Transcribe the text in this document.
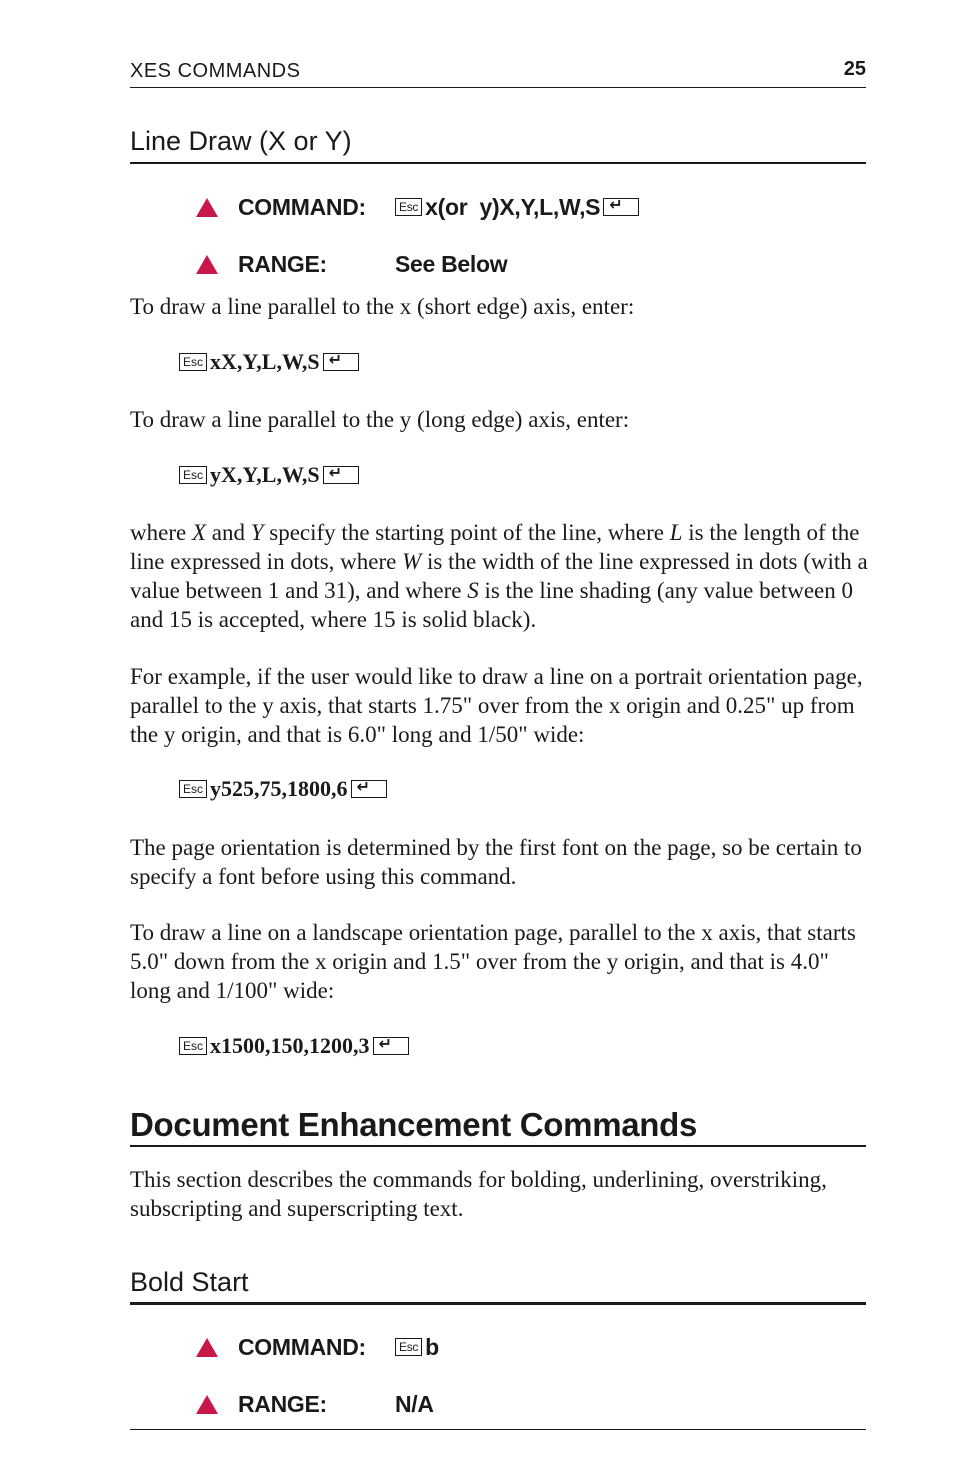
XES COMMANDS	25
Line Draw (X or Y)
COMMAND:	Esc x(or  y)X,Y,L,W,S ↵
RANGE:	See Below
To draw a line parallel to the x (short edge) axis, enter:
Esc xX,Y,L,W,S ↵
To draw a line parallel to the y (long edge) axis, enter:
Esc yX,Y,L,W,S ↵
where X and Y specify the starting point of the line, where L is the length of the line expressed in dots, where W is the width of the line expressed in dots (with a value between 1 and 31), and where S is the line shading (any value between 0 and 15 is accepted, where 15 is solid black).
For example, if the user would like to draw a line on a portrait orientation page, parallel to the y axis, that starts 1.75" over from the x origin and 0.25" up from the y origin, and that is 6.0" long and 1/50" wide:
Esc y525,75,1800,6 ↵
The page orientation is determined by the first font on the page, so be certain to specify a font before using this command.
To draw a line on a landscape orientation page, parallel to the x axis, that starts 5.0" down from the x origin and 1.5" over from the y origin, and that is 4.0" long and 1/100" wide:
Esc x1500,150,1200,3 ↵
Document Enhancement Commands
This section describes the commands for bolding, underlining, overstriking, subscripting and superscripting text.
Bold Start
COMMAND:	Esc b
RANGE:	N/A
